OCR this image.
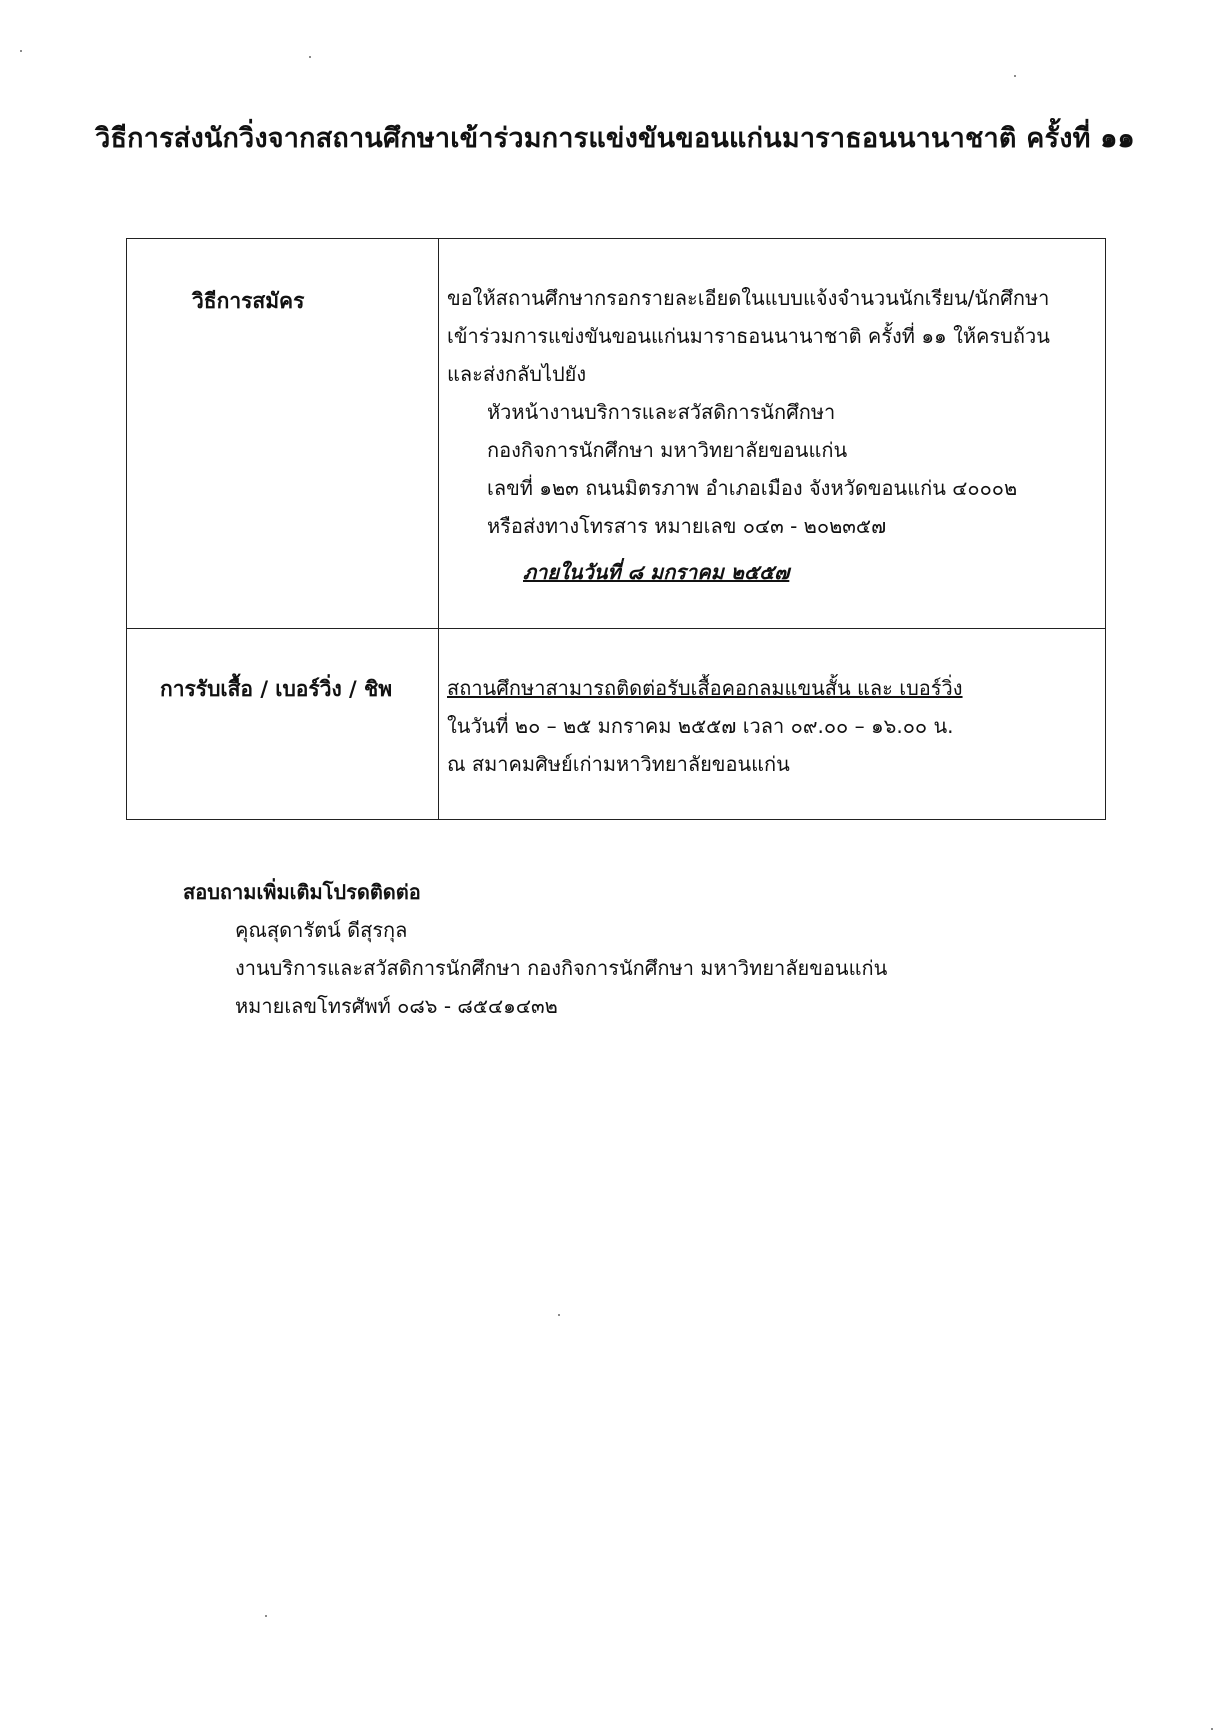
วิธีการส่งนักวิ่งจากสถานศึกษาเข้าร่วมการแข่งขันขอนแก่นมาราธอนนานาชาติ ครั้งที่ ๑๑
วิธีการสมัคร	ขอให้สถานศึกษากรอกรายละเอียดในแบบแจ้งจำนวนนักเรียน/นักศึกษา
เข้าร่วมการแข่งขันขอนแก่นมาราธอนนานาชาติ ครั้งที่ ๑๑ ให้ครบถ้วน
และส่งกลับไปยัง
หัวหน้างานบริการและสวัสดิการนักศึกษา
กองกิจการนักศึกษา มหาวิทยาลัยขอนแก่น
เลขที่ ๑๒๓ ถนนมิตรภาพ อำเภอเมือง จังหวัดขอนแก่น ๔๐๐๐๒
หรือส่งทางโทรสาร หมายเลข ๐๔๓ - ๒๐๒๓๕๗
ภายในวันที่ ๘ มกราคม ๒๕๕๗
การรับเสื้อ / เบอร์วิ่ง / ชิพ	สถานศึกษาสามารถติดต่อรับเสื้อคอกลมแขนสั้น และ เบอร์วิ่ง
ในวันที่ ๒๐ – ๒๕ มกราคม ๒๕๕๗ เวลา ๐๙.๐๐ – ๑๖.๐๐ น.
ณ สมาคมศิษย์เก่ามหาวิทยาลัยขอนแก่น
สอบถามเพิ่มเติมโปรดติดต่อ
คุณสุดารัตน์ ดีสุรกุล
งานบริการและสวัสดิการนักศึกษา กองกิจการนักศึกษา มหาวิทยาลัยขอนแก่น
หมายเลขโทรศัพท์ ๐๘๖ - ๘๕๔๑๔๓๒
